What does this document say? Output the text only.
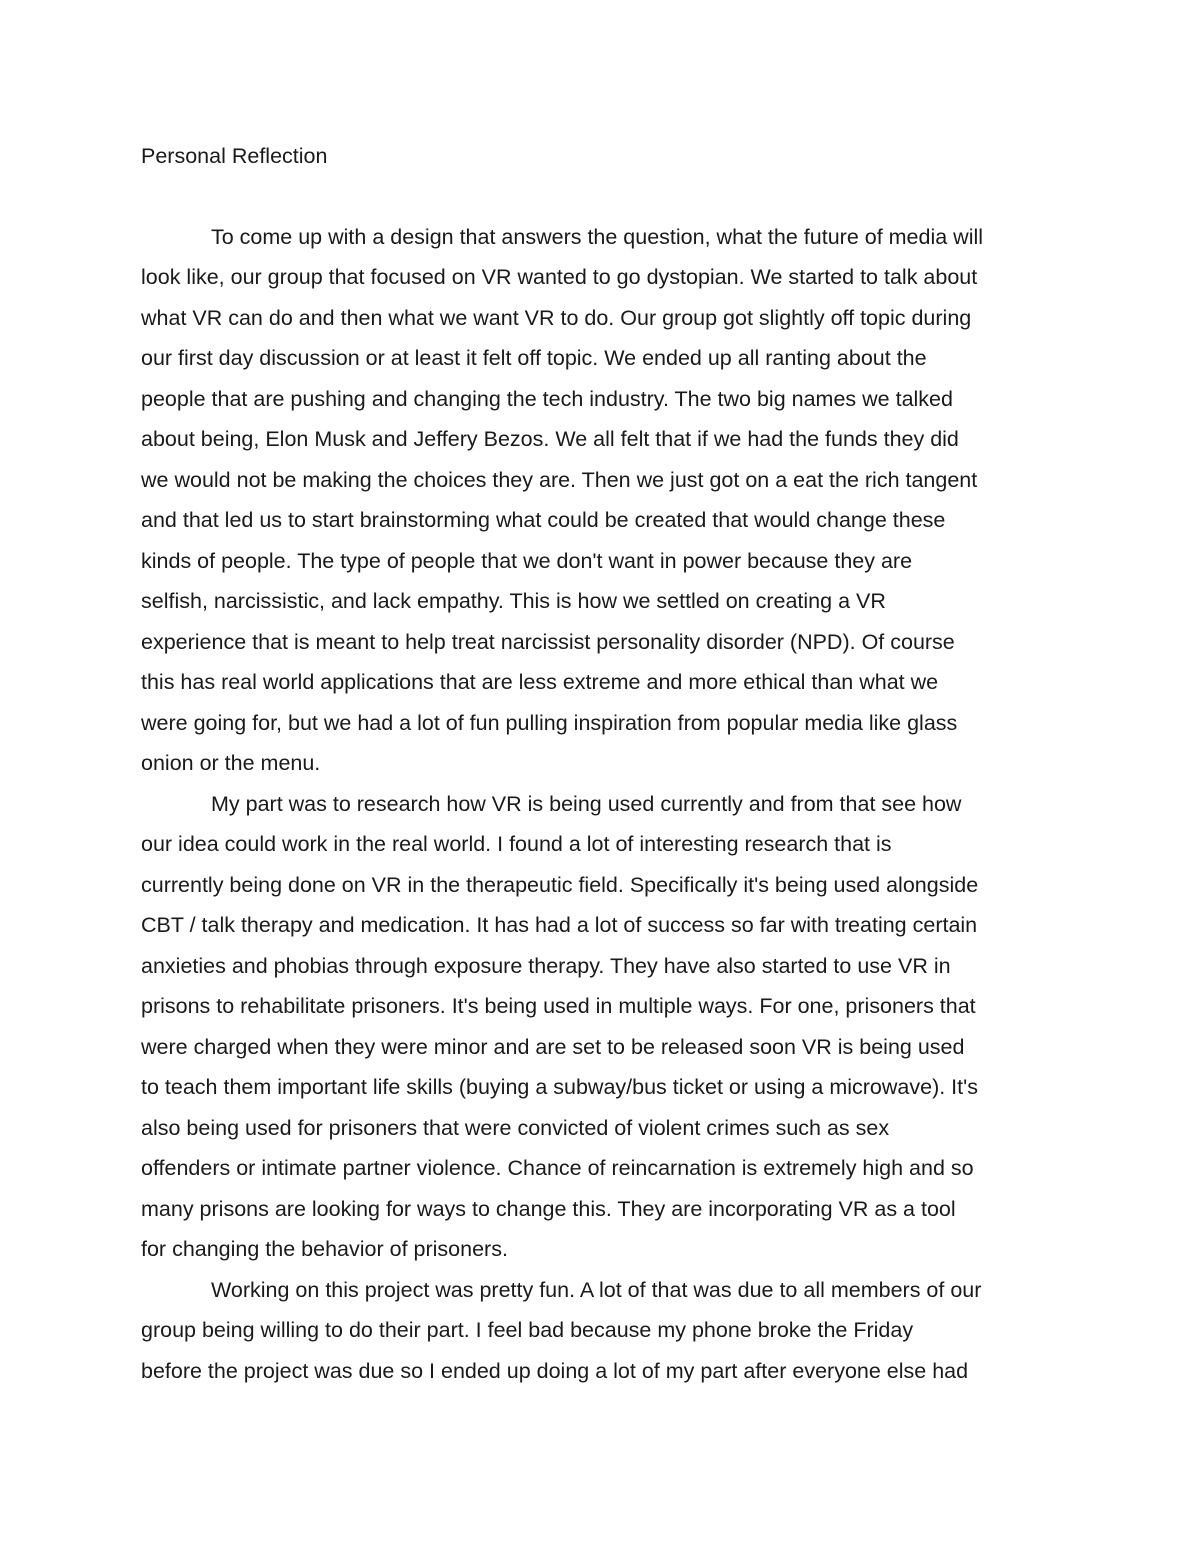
Personal Reflection
To come up with a design that answers the question, what the future of media will
look like, our group that focused on VR wanted to go dystopian. We started to talk about
what VR can do and then what we want VR to do. Our group got slightly off topic during
our first day discussion or at least it felt off topic. We ended up all ranting about the
people that are pushing and changing the tech industry. The two big names we talked
about being, Elon Musk and Jeffery Bezos. We all felt that if we had the funds they did
we would not be making the choices they are. Then we just got on a eat the rich tangent
and that led us to start brainstorming what could be created that would change these
kinds of people. The type of people that we don't want in power because they are
selfish, narcissistic, and lack empathy. This is how we settled on creating a VR
experience that is meant to help treat narcissist personality disorder (NPD). Of course
this has real world applications that are less extreme and more ethical than what we
were going for, but we had a lot of fun pulling inspiration from popular media like glass
onion or the menu.
My part was to research how VR is being used currently and from that see how
our idea could work in the real world. I found a lot of interesting research that is
currently being done on VR in the therapeutic field. Specifically it's being used alongside
CBT / talk therapy and medication. It has had a lot of success so far with treating certain
anxieties and phobias through exposure therapy. They have also started to use VR in
prisons to rehabilitate prisoners. It's being used in multiple ways. For one, prisoners that
were charged when they were minor and are set to be released soon VR is being used
to teach them important life skills (buying a subway/bus ticket or using a microwave). It's
also being used for prisoners that were convicted of violent crimes such as sex
offenders or intimate partner violence. Chance of reincarnation is extremely high and so
many prisons are looking for ways to change this. They are incorporating VR as a tool
for changing the behavior of prisoners.
Working on this project was pretty fun. A lot of that was due to all members of our
group being willing to do their part. I feel bad because my phone broke the Friday
before the project was due so I ended up doing a lot of my part after everyone else had
